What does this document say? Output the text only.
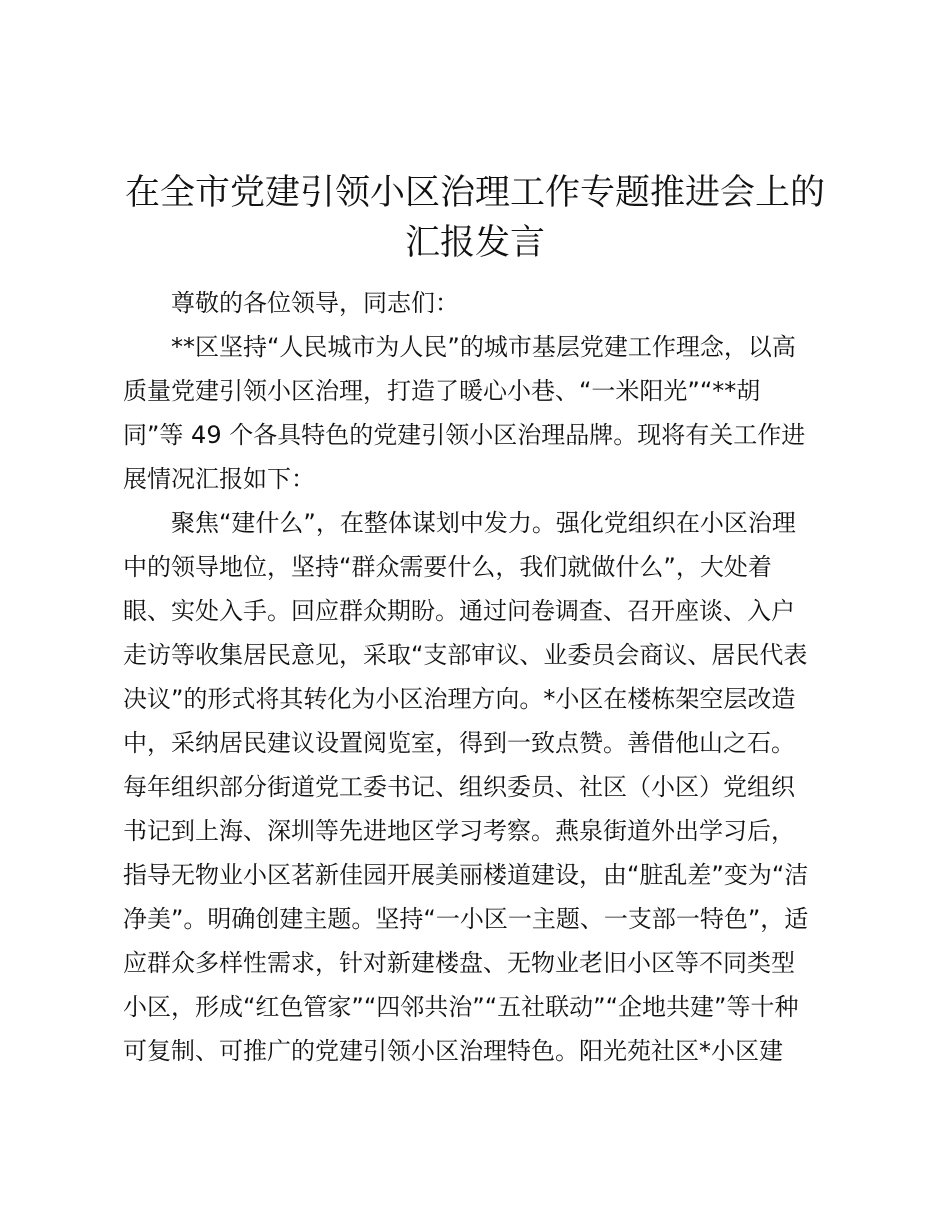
在全市党建引领小区治理工作专题推进会上的
汇报发言
尊敬的各位领导，同志们：
**区坚持“人民城市为人民”的城市基层党建工作理念，以高
质量党建引领小区治理，打造了暖心小巷、“一米阳光”“**胡
同”等 49 个各具特色的党建引领小区治理品牌。现将有关工作进
展情况汇报如下：
聚焦“建什么”，在整体谋划中发力。强化党组织在小区治理
中的领导地位，坚持“群众需要什么，我们就做什么”，大处着
眼、实处入手。回应群众期盼。通过问卷调查、召开座谈、入户
走访等收集居民意见，采取“支部审议、业委员会商议、居民代表
决议”的形式将其转化为小区治理方向。*小区在楼栋架空层改造
中，采纳居民建议设置阅览室，得到一致点赞。善借他山之石。
每年组织部分街道党工委书记、组织委员、社区（小区）党组织
书记到上海、深圳等先进地区学习考察。燕泉街道外出学习后，
指导无物业小区茗新佳园开展美丽楼道建设，由“脏乱差”变为“洁
净美”。明确创建主题。坚持“一小区一主题、一支部一特色”，适
应群众多样性需求，针对新建楼盘、无物业老旧小区等不同类型
小区，形成“红色管家”“四邻共治”“五社联动”“企地共建”等十种
可复制、可推广的党建引领小区治理特色。阳光苑社区*小区建
